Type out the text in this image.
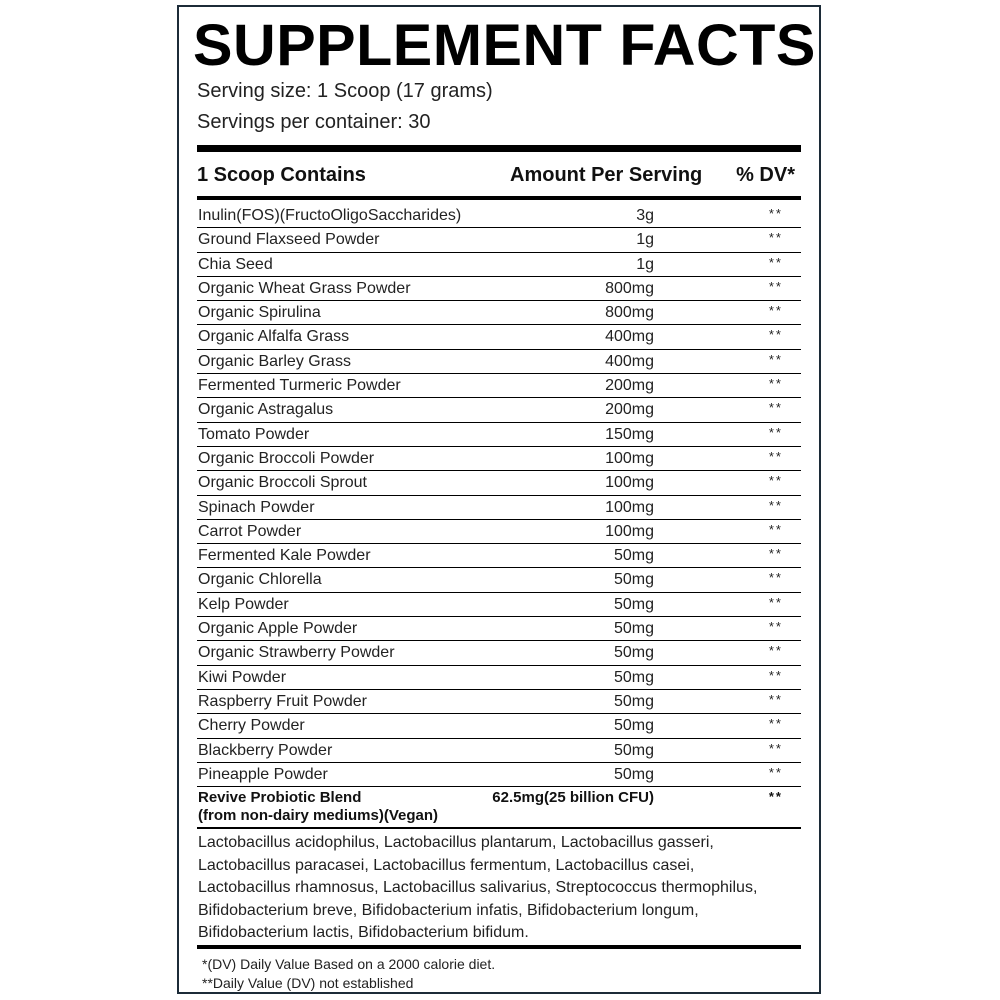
SUPPLEMENT FACTS
Serving size: 1 Scoop (17 grams)
Servings per container: 30
1 Scoop Contains	Amount Per Serving % DV*
Inulin(FOS)(FructoOligoSaccharides)	3g	**
Ground Flaxseed Powder	1g	**
Chia Seed	1g	**
Organic Wheat Grass Powder	800mg	**
Organic Spirulina	800mg	**
Organic Alfalfa Grass	400mg	**
Organic Barley Grass	400mg	**
Fermented Turmeric Powder	200mg	**
Organic Astragalus	200mg	**
Tomato Powder	150mg	**
Organic Broccoli Powder	100mg	**
Organic Broccoli Sprout	100mg	**
Spinach Powder	100mg	**
Carrot Powder	100mg	**
Fermented Kale Powder	50mg	**
Organic Chlorella	50mg	**
Kelp Powder	50mg	**
Organic Apple Powder	50mg	**
Organic Strawberry Powder	50mg	**
Kiwi Powder	50mg	**
Raspberry Fruit Powder	50mg	**
Cherry Powder	50mg	**
Blackberry Powder	50mg	**
Pineapple Powder	50mg	**
Revive Probiotic Blend
(from non-dairy mediums)(Vegan)
62.5mg(25 billion CFU)	**
Lactobacillus acidophilus, Lactobacillus plantarum, Lactobacillus gasseri,
Lactobacillus paracasei, Lactobacillus fermentum, Lactobacillus casei,
Lactobacillus rhamnosus, Lactobacillus salivarius, Streptococcus thermophilus,
Bifidobacterium breve, Bifidobacterium infatis, Bifidobacterium longum,
Bifidobacterium lactis, Bifidobacterium bifidum.
*(DV) Daily Value Based on a 2000 calorie diet.
**Daily Value (DV) not established
